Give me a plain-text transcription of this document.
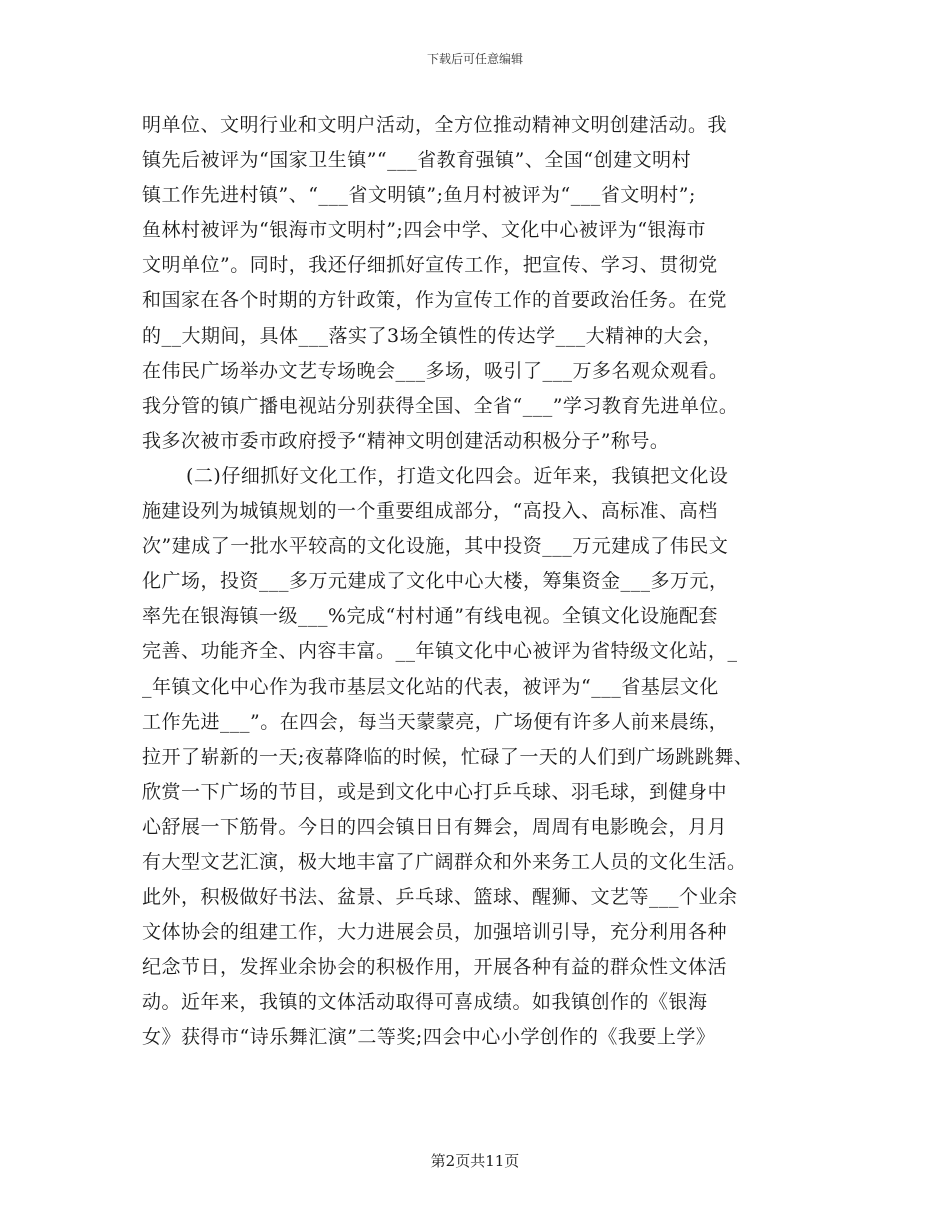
下载后可任意编辑
明单位、文明行业和文明户活动，全方位推动精神文明创建活动。我
镇先后被评为“国家卫生镇”“___省教育强镇”、全国“创建文明村
镇工作先进村镇”、“___省文明镇”;鱼月村被评为“___省文明村”;
鱼林村被评为“银海市文明村”;四会中学、文化中心被评为“银海市
文明单位”。同时，我还仔细抓好宣传工作，把宣传、学习、贯彻党
和国家在各个时期的方针政策，作为宣传工作的首要政治任务。在党
的__大期间，具体___落实了3场全镇性的传达学___大精神的大会，
在伟民广场举办文艺专场晚会___多场，吸引了___万多名观众观看。
我分管的镇广播电视站分别获得全国、全省“___”学习教育先进单位。
我多次被市委市政府授予“精神文明创建活动积极分子”称号。
(二)仔细抓好文化工作，打造文化四会。近年来，我镇把文化设
施建设列为城镇规划的一个重要组成部分，“高投入、高标准、高档
次”建成了一批水平较高的文化设施，其中投资___万元建成了伟民文
化广场，投资___多万元建成了文化中心大楼，筹集资金___多万元，
率先在银海镇一级___%完成“村村通”有线电视。全镇文化设施配套
完善、功能齐全、内容丰富。__年镇文化中心被评为省特级文化站，_
_年镇文化中心作为我市基层文化站的代表，被评为“___省基层文化
工作先进___”。在四会，每当天蒙蒙亮，广场便有许多人前来晨练，
拉开了崭新的一天;夜幕降临的时候，忙碌了一天的人们到广场跳跳舞、
欣赏一下广场的节目，或是到文化中心打乒乓球、羽毛球，到健身中
心舒展一下筋骨。今日的四会镇日日有舞会，周周有电影晚会，月月
有大型文艺汇演，极大地丰富了广阔群众和外来务工人员的文化生活。
此外，积极做好书法、盆景、乒乓球、篮球、醒狮、文艺等___个业余
文体协会的组建工作，大力进展会员，加强培训引导，充分利用各种
纪念节日，发挥业余协会的积极作用，开展各种有益的群众性文体活
动。近年来，我镇的文体活动取得可喜成绩。如我镇创作的《银海
女》获得市“诗乐舞汇演”二等奖;四会中心小学创作的《我要上学》
第2页共11页
